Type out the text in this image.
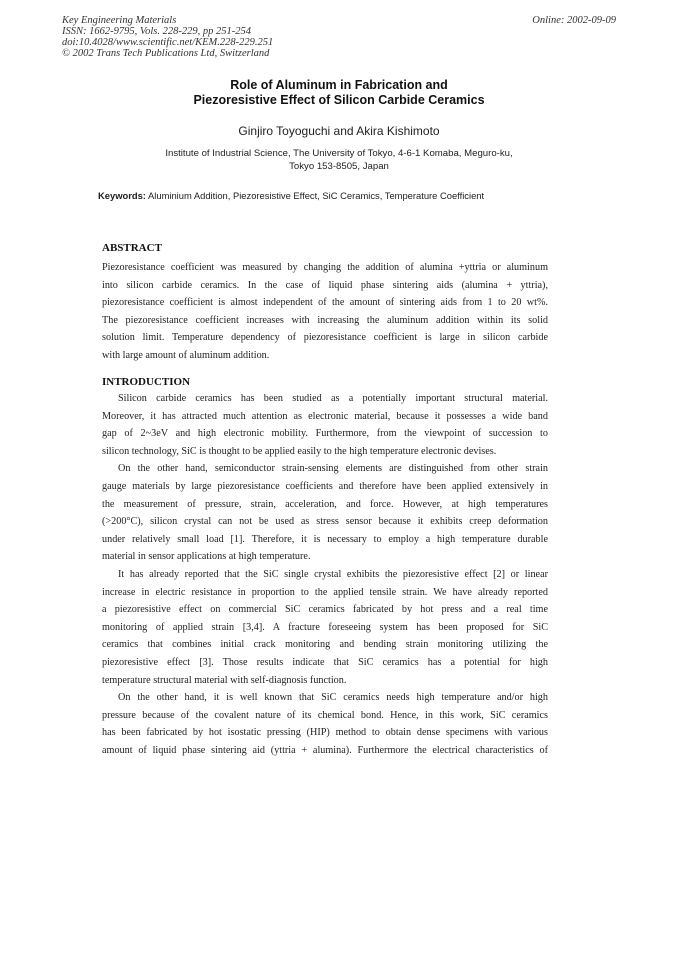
Key Engineering Materials
ISSN: 1662-9795, Vols. 228-229, pp 251-254
doi:10.4028/www.scientific.net/KEM.228-229.251
© 2002 Trans Tech Publications Ltd, Switzerland
Online: 2002-09-09
Role of Aluminum in Fabrication and
Piezoresistive Effect of Silicon Carbide Ceramics
Ginjiro Toyoguchi and Akira Kishimoto
Institute of Industrial Science, The University of Tokyo, 4-6-1 Komaba, Meguro-ku,
Tokyo 153-8505, Japan
Keywords: Aluminium Addition, Piezoresistive Effect, SiC Ceramics, Temperature Coefficient
ABSTRACT
Piezoresistance coefficient was measured by changing the addition of alumina +yttria or aluminum
into silicon carbide ceramics. In the case of liquid phase sintering aids (alumina + yttria),
piezoresistance coefficient is almost independent of the amount of sintering aids from 1 to 20 wt%.
The piezoresistance coefficient increases with increasing the aluminum addition within its solid
solution limit. Temperature dependency of piezoresistance coefficient is large in silicon carbide
with large amount of aluminum addition.
INTRODUCTION
Silicon carbide ceramics has been studied as a potentially important structural material.
Moreover, it has attracted much attention as electronic material, because it possesses a wide band
gap of 2~3eV and high electronic mobility. Furthermore, from the viewpoint of succession to
silicon technology, SiC is thought to be applied easily to the high temperature electronic devises.
On the other hand, semiconductor strain-sensing elements are distinguished from other strain
gauge materials by large piezoresistance coefficients and therefore have been applied extensively in
the measurement of pressure, strain, acceleration, and force. However, at high temperatures
(>200°C), silicon crystal can not be used as stress sensor because it exhibits creep deformation
under relatively small load [1]. Therefore, it is necessary to employ a high temperature durable
material in sensor applications at high temperature.
It has already reported that the SiC single crystal exhibits the piezoresistive effect [2] or linear
increase in electric resistance in proportion to the applied tensile strain. We have already reported
a piezoresistive effect on commercial SiC ceramics fabricated by hot press and a real time
monitoring of applied strain [3,4]. A fracture foreseeing system has been proposed for SiC
ceramics that combines initial crack monitoring and bending strain monitoring utilizing the
piezoresistive effect [3]. Those results indicate that SiC ceramics has a potential for high
temperature structural material with self-diagnosis function.
On the other hand, it is well known that SiC ceramics needs high temperature and/or high
pressure because of the covalent nature of its chemical bond. Hence, in this work, SiC ceramics
has been fabricated by hot isostatic pressing (HIP) method to obtain dense specimens with various
amount of liquid phase sintering aid (yttria + alumina). Furthermore the electrical characteristics of
